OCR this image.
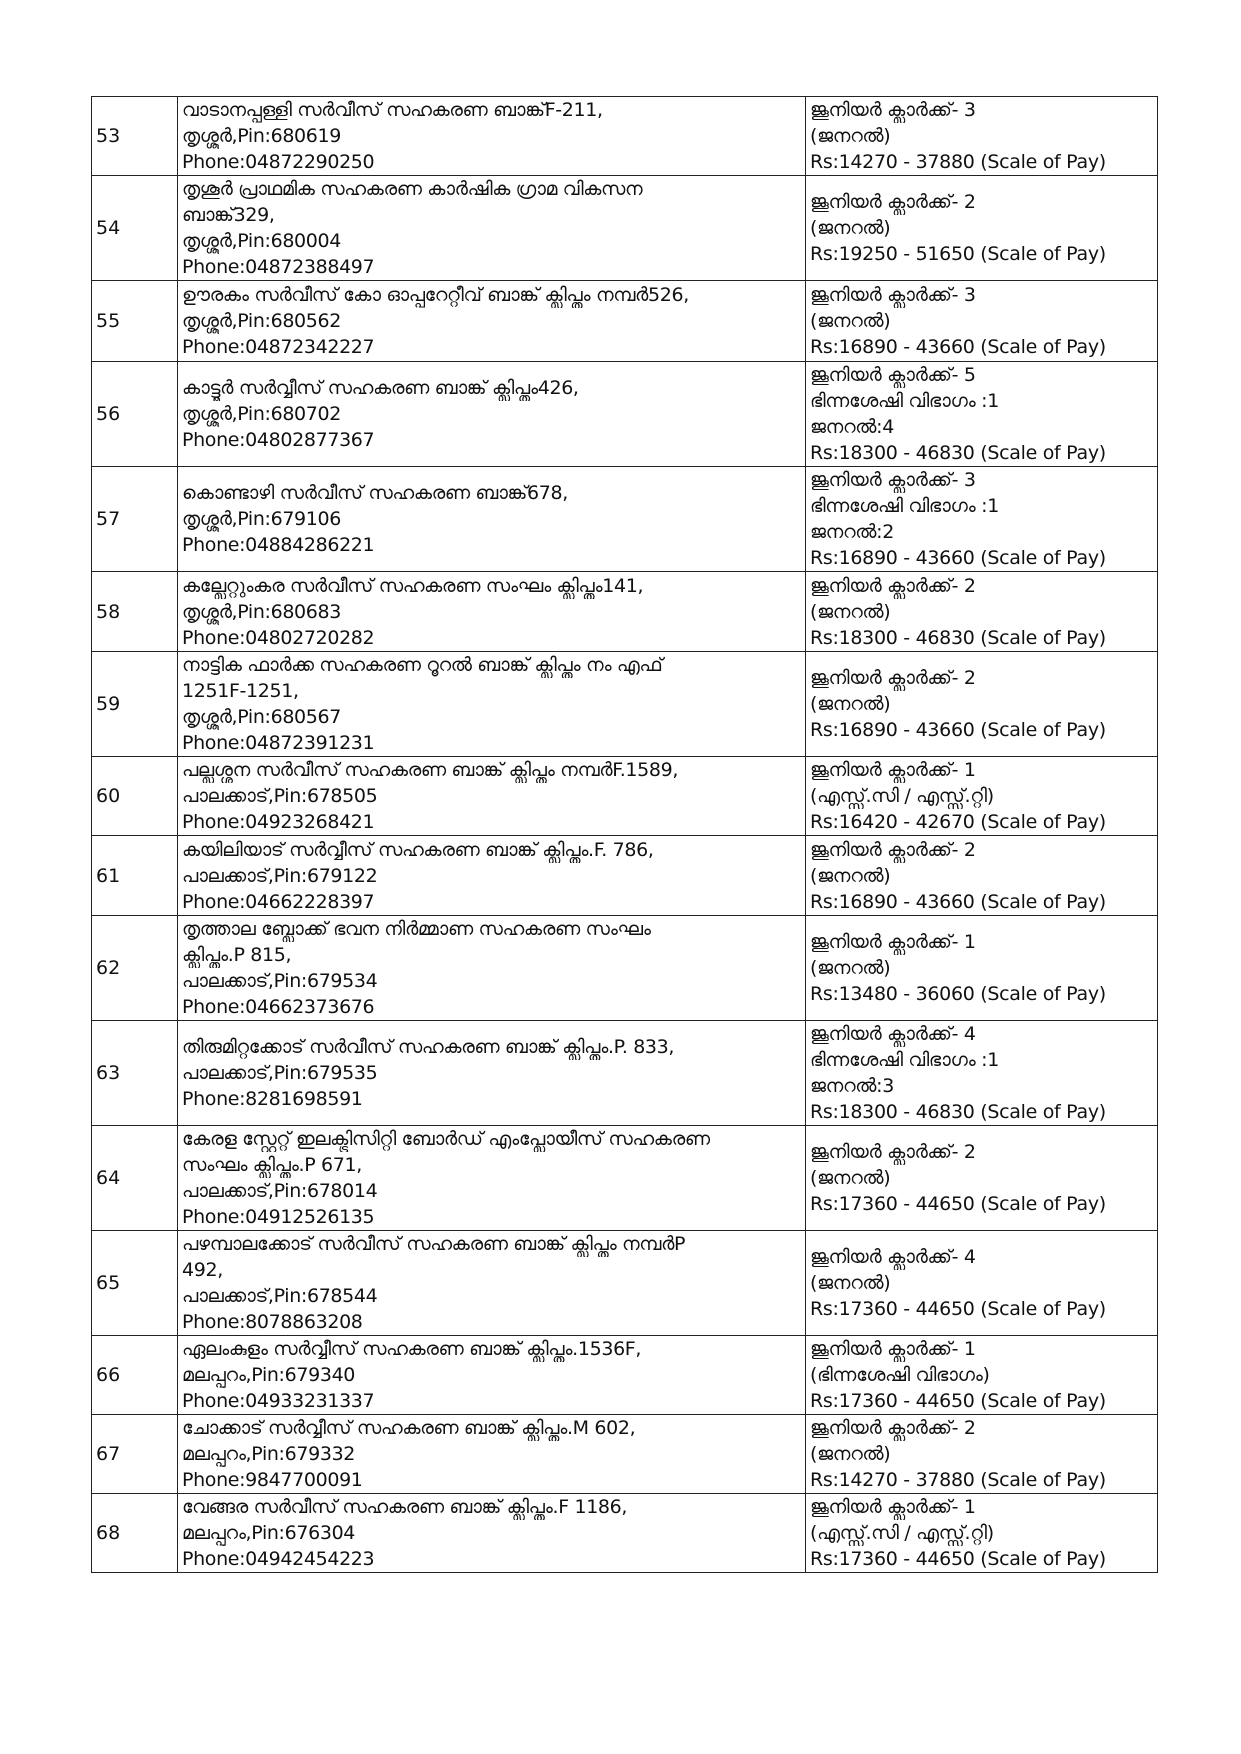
53	വാടാനപ്പള്ളി സർവീസ് സഹകരണ ബാങ്ക്F-211,
തൃശ്ശൂർ,Pin:680619
Phone:04872290250	ജൂനിയർ ക്ലാർക്ക്- 3
(ജനറൽ)
Rs:14270 - 37880 (Scale of Pay)

54	തൃശൂർ പ്രാഥമിക സഹകരണ കാർഷിക ഗ്രാമ വികസന
ബാങ്ക്329,
തൃശ്ശൂർ,Pin:680004
Phone:04872388497	ജൂനിയർ ക്ലാർക്ക്- 2
(ജനറൽ)
Rs:19250 - 51650 (Scale of Pay)

55	ഊരകം സർവീസ് കോ ഓപ്പറേറ്റീവ് ബാങ്ക് ക്ലിപ്തം നമ്പർ526,
തൃശ്ശൂർ,Pin:680562
Phone:04872342227	ജൂനിയർ ക്ലാർക്ക്- 3
(ജനറൽ)
Rs:16890 - 43660 (Scale of Pay)

56	കാട്ടൂർ സർവ്വീസ് സഹകരണ ബാങ്ക് ക്ലിപ്തം426,
തൃശ്ശൂർ,Pin:680702
Phone:04802877367	ജൂനിയർ ക്ലാർക്ക്- 5
ഭിന്നശേഷി വിഭാഗം :1
ജനറൽ:4
Rs:18300 - 46830 (Scale of Pay)

57	കൊണ്ടാഴി സർവീസ് സഹകരണ ബാങ്ക്678,
തൃശ്ശൂർ,Pin:679106
Phone:04884286221	ജൂനിയർ ക്ലാർക്ക്- 3
ഭിന്നശേഷി വിഭാഗം :1
ജനറൽ:2
Rs:16890 - 43660 (Scale of Pay)

58	കല്ലേറ്റുംകര സർവീസ് സഹകരണ സംഘം ക്ലിപ്തം141,
തൃശ്ശൂർ,Pin:680683
Phone:04802720282	ജൂനിയർ ക്ലാർക്ക്- 2
(ജനറൽ)
Rs:18300 - 46830 (Scale of Pay)

59	നാട്ടിക ഫാർക്ക സഹകരണ റൂറൽ ബാങ്ക് ക്ലിപ്തം നം എഫ്
1251F-1251,
തൃശ്ശൂർ,Pin:680567
Phone:04872391231	ജൂനിയർ ക്ലാർക്ക്- 2
(ജനറൽ)
Rs:16890 - 43660 (Scale of Pay)

60	പല്ലശ്ശന സർവീസ് സഹകരണ ബാങ്ക് ക്ലിപ്തം നമ്പർF.1589,
പാലക്കാട്,Pin:678505
Phone:04923268421	ജൂനിയർ ക്ലാർക്ക്- 1
(എസ്സ്.സി / എസ്സ്.റ്റി)
Rs:16420 - 42670 (Scale of Pay)

61	കയിലിയാട് സർവ്വീസ് സഹകരണ ബാങ്ക് ക്ലിപ്തം.F. 786,
പാലക്കാട്,Pin:679122
Phone:04662228397	ജൂനിയർ ക്ലാർക്ക്- 2
(ജനറൽ)
Rs:16890 - 43660 (Scale of Pay)

62	തൃത്താല ബ്ലോക്ക് ഭവന നിർമ്മാണ സഹകരണ സംഘം
ക്ലിപ്തം.P 815,
പാലക്കാട്,Pin:679534
Phone:04662373676	ജൂനിയർ ക്ലാർക്ക്- 1
(ജനറൽ)
Rs:13480 - 36060 (Scale of Pay)

63	തിരുമിറ്റക്കോട് സർവീസ് സഹകരണ ബാങ്ക് ക്ലിപ്തം.P. 833,
പാലക്കാട്,Pin:679535
Phone:8281698591	ജൂനിയർ ക്ലാർക്ക്- 4
ഭിന്നശേഷി വിഭാഗം :1
ജനറൽ:3
Rs:18300 - 46830 (Scale of Pay)

64	കേരള സ്റ്റേറ്റ് ഇലക്ട്രിസിറ്റി ബോർഡ് എംപ്ലോയീസ് സഹകരണ
സംഘം ക്ലിപ്തം.P 671,
പാലക്കാട്,Pin:678014
Phone:04912526135	ജൂനിയർ ക്ലാർക്ക്- 2
(ജനറൽ)
Rs:17360 - 44650 (Scale of Pay)

65	പഴമ്പാലക്കോട് സർവീസ് സഹകരണ ബാങ്ക് ക്ലിപ്തം നമ്പർP
492,
പാലക്കാട്,Pin:678544
Phone:8078863208	ജൂനിയർ ക്ലാർക്ക്- 4
(ജനറൽ)
Rs:17360 - 44650 (Scale of Pay)

66	ഏലംകുളം സർവ്വീസ് സഹകരണ ബാങ്ക് ക്ലിപ്തം.1536F,
മലപ്പുറം,Pin:679340
Phone:04933231337	ജൂനിയർ ക്ലാർക്ക്- 1
(ഭിന്നശേഷി വിഭാഗം)
Rs:17360 - 44650 (Scale of Pay)

67	ചോക്കാട് സർവ്വീസ് സഹകരണ ബാങ്ക് ക്ലിപ്തം.M 602,
മലപ്പുറം,Pin:679332
Phone:9847700091	ജൂനിയർ ക്ലാർക്ക്- 2
(ജനറൽ)
Rs:14270 - 37880 (Scale of Pay)

68	വേങ്ങര സർവീസ് സഹകരണ ബാങ്ക് ക്ലിപ്തം.F 1186,
മലപ്പുറം,Pin:676304
Phone:04942454223	ജൂനിയർ ക്ലാർക്ക്- 1
(എസ്സ്.സി / എസ്സ്.റ്റി)
Rs:17360 - 44650 (Scale of Pay)
